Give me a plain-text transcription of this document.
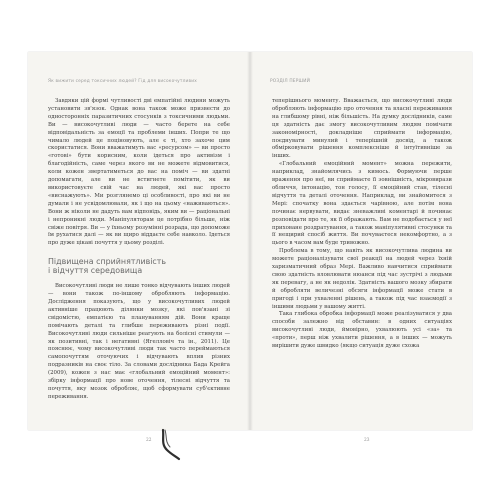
Як вижити серед токсичних людей? Гід для високочутливих

Завдяки цій формі чутливості дві емпатійні людини можуть установити зв'язок. Однак вона також може призвести до односторонніх паразитичних стосунків з токсичними людьми. Ви — високочутливі люди — часто берете на себе відповідальність за емоції та проблеми інших. Попри те що чимало людей це поціновують, але є ті, хто захоче цим скористатися. Вони вважатимуть вас «ресурсом» — ви просто «готові» бути корисним, коли ідеться про активізм і благодійність, саме через якого ви не можете відмовитися, коли кожен звертатиметься до вас на поміч — ви здатні допомагати, але ви не встигнете помітити, як ви використовуєте свій час на людей, які вас просто «виснажують». Ми розглянемо ці особливості, про які ви не думали і не усвідомлювали, як і що на цьому «наживаються». Вони ж ніколи не дадуть вам відповідь, яким ви — раціональні і непроникні люди. Маніпуляторам це потрібно більше, ніж свіже повітря. Ви — у їхньому розумінні розрада, що допоможе їм рухатися далі — як ви щиро віддаєте себе навколо. Ідеться про дуже цікаві почуття у цьому розділі.

Підвищена сприйнятливість
і відчуття середовища

Високочутливі люди не лише тонко відчувають інших людей — вони також по-іншому обробляють інформацію. Дослідження показують, що у високочутливих людей активніше працюють ділянки мозку, які пов'язані зі свідомістю, емпатією та плануванням дій. Вони краще помічають деталі та глибше переживають різні події. Високочутливі люди сильніше реагують на болісні стимули — як позитивні, так і негативні (Ягелловіч та ін., 2011). Це пояснює, чому високочутливі люди так часто переймаються самопочуттям оточуючих і відчувають вплив різних подразників на своє тіло. За словами дослідника Бада Крейга (2009), кожен з нас має «глобальний емоційний момент»: збірку інформації про нове оточення, тілесні відчуття та почуття, яку мозок обробляє, щоб сформувати суб'єктивне переживання.

22
РОЗДІЛ ПЕРШИЙ

теперішнього моменту. Вважається, що високочутливі люди обробляють інформацію про оточення та власні переживання на глибшому рівні, ніж більшість. На думку дослідників, саме ця здатність дає змогу високочутливим людям помічати закономірності, докладніше сприймати інформацію, поєднувати минулий і теперішній досвід, а також обмірковувати рішення комплексніше й інтуїтивніше за інших.

«Глобальний емоційний момент» можна пережити, наприклад, знайомлячись з кимось. Формуючи перше враження про неї, ви сприймаєте її зовнішність, мікровирази обличчя, інтонацію, тон голосу, її емоційний стан, тілесні відчуття та деталі оточення. Наприклад, ви знайомитеся з Мері: спочатку вона здається чарівною, але потім вона починає нервувати, видає зневажливі коментарі й починає розповідати про те, як її ображають. Вам не подобається у неї приховане роздратування, а також маніпулятивні стосунки та її нещирий спосіб життя. Ви почуваєтеся некомфортно, а з цього в часом вам буде тривожно.

Проблема в тому, що навіть як високочутлива людина ви можете раціоналізувати свої реакції на людей через їхній харизматичний образ Мері. Важливо навчитися сприймати свою здатність вловлювати нюанси під час зустрічі з людьми як перевагу, а не як недолік. Здатність вашого мозку збирати й обробляти величезні обсяги інформації може стати в пригоді і при ухваленні рішень, а також під час взаємодії з іншими людьми у вашому житті.

Така глибока обробка інформації може реалізуватися у два способи залежно від обставин: в одних ситуаціях високочутливі люди, ймовірно, ухвалюють усі «за» та «проти», перш ніж ухвалити рішення, а в інших — можуть вирішити дуже швидко (якщо ситуація дуже схожа

23
